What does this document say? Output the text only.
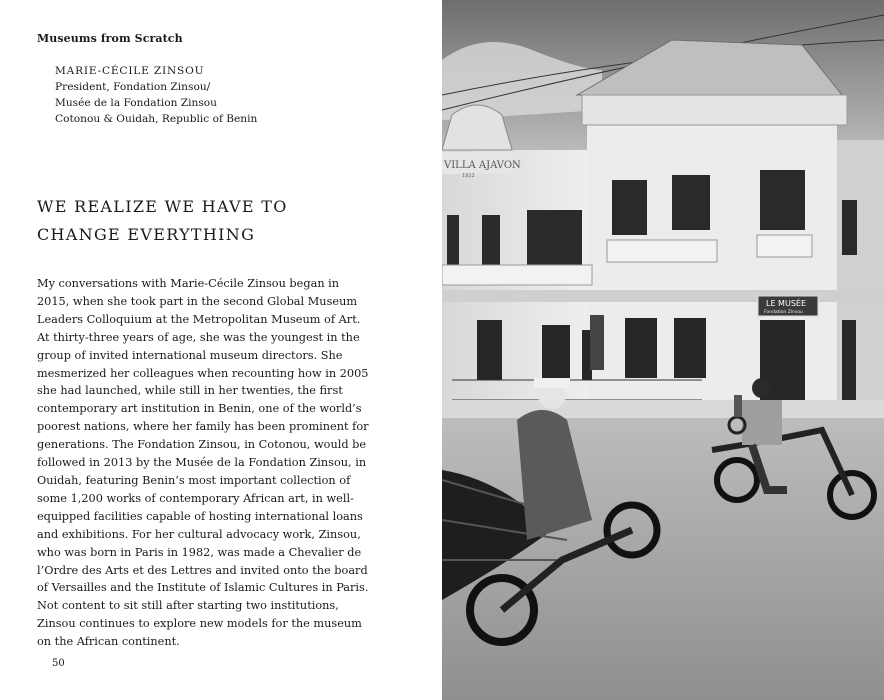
Museums from Scratch
MARIE-CÉCILE ZINSOU
President, Fondation Zinsou/
Musée de la Fondation Zinsou
Cotonou & Ouidah, Republic of Benin
WE REALIZE WE HAVE TO
CHANGE EVERYTHING
My conversations with Marie-Cécile Zinsou began in
2015, when she took part in the second Global Museum
Leaders Colloquium at the Metropolitan Museum of Art.
At thirty-three years of age, she was the youngest in the
group of invited international museum directors. She
mesmerized her colleagues when recounting how in 2005
she had launched, while still in her twenties, the first
contemporary art institution in Benin, one of the world’s
poorest nations, where her family has been prominent for
generations. The Fondation Zinsou, in Cotonou, would be
followed in 2013 by the Musée de la Fondation Zinsou, in
Ouidah, featuring Benin’s most important collection of
some 1,200 works of contemporary African art, in well-
equipped facilities capable of hosting international loans
and exhibitions. For her cultural advocacy work, Zinsou,
who was born in Paris in 1982, was made a Chevalier de
l’Ordre des Arts et des Lettres and invited onto the board
of Versailles and the Institute of Islamic Cultures in Paris.
Not content to sit still after starting two institutions,
Zinsou continues to explore new models for the museum
on the African continent.
50
VILLA AJAVON
1922
LE MUSÉE
Fondation Zinsou
